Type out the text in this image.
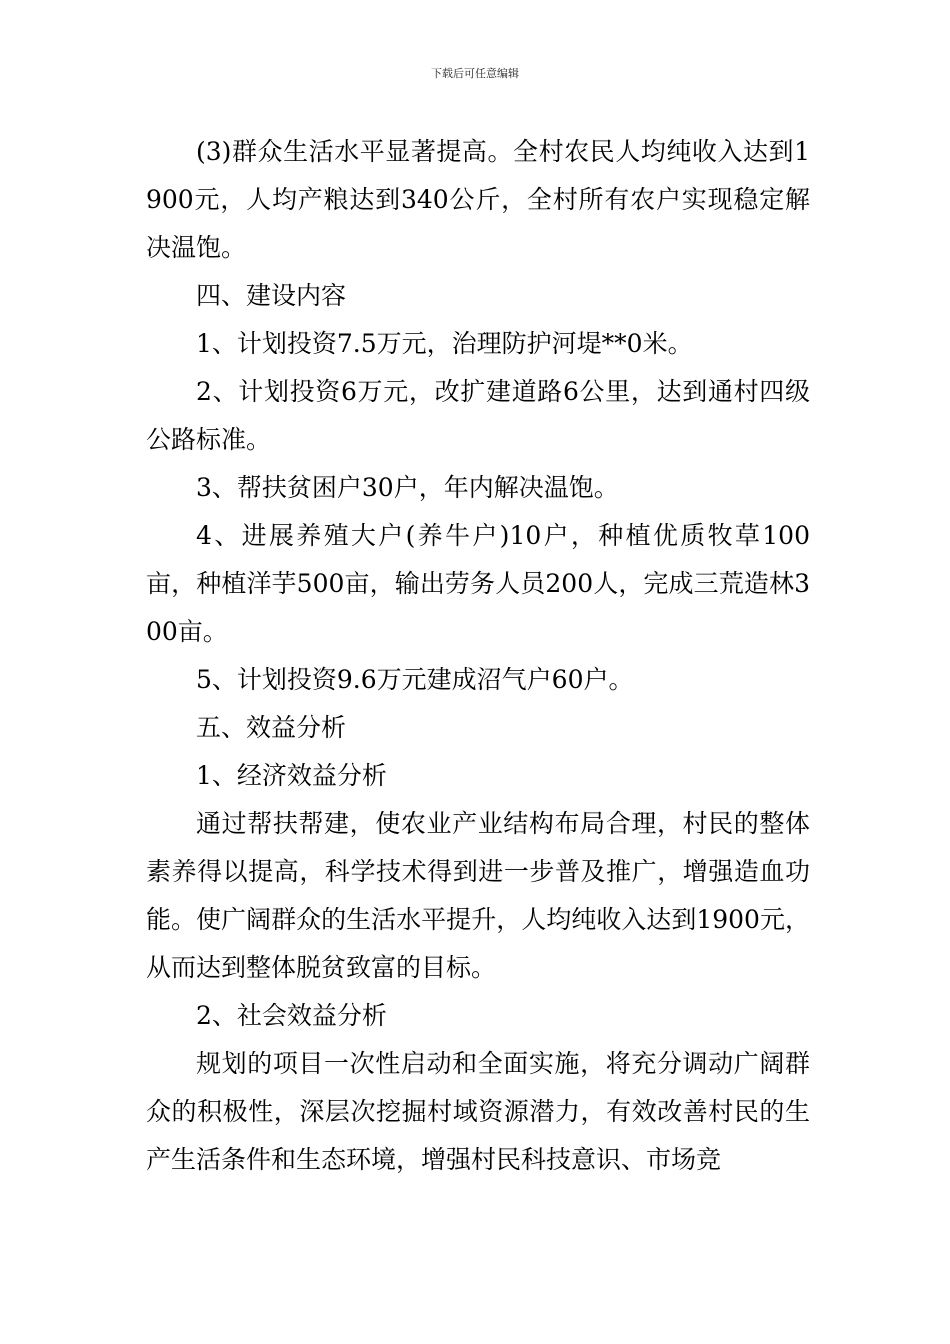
下载后可任意编辑

(3)群众生活水平显著提高。全村农民人均纯收入达到1900元，人均产粮达到340公斤，全村所有农户实现稳定解决温饱。

四、建设内容

1、计划投资7.5万元，治理防护河堤**0米。

2、计划投资6万元，改扩建道路6公里，达到通村四级公路标准。

3、帮扶贫困户30户，年内解决温饱。

4、进展养殖大户(养牛户)10户，种植优质牧草100亩，种植洋芋500亩，输出劳务人员200人，完成三荒造林300亩。

5、计划投资9.6万元建成沼气户60户。

五、效益分析

1、经济效益分析

通过帮扶帮建，使农业产业结构布局合理，村民的整体素养得以提高，科学技术得到进一步普及推广，增强造血功能。使广阔群众的生活水平提升，人均纯收入达到1900元，从而达到整体脱贫致富的目标。

2、社会效益分析

规划的项目一次性启动和全面实施，将充分调动广阔群众的积极性，深层次挖掘村域资源潜力，有效改善村民的生产生活条件和生态环境，增强村民科技意识、市场竞
